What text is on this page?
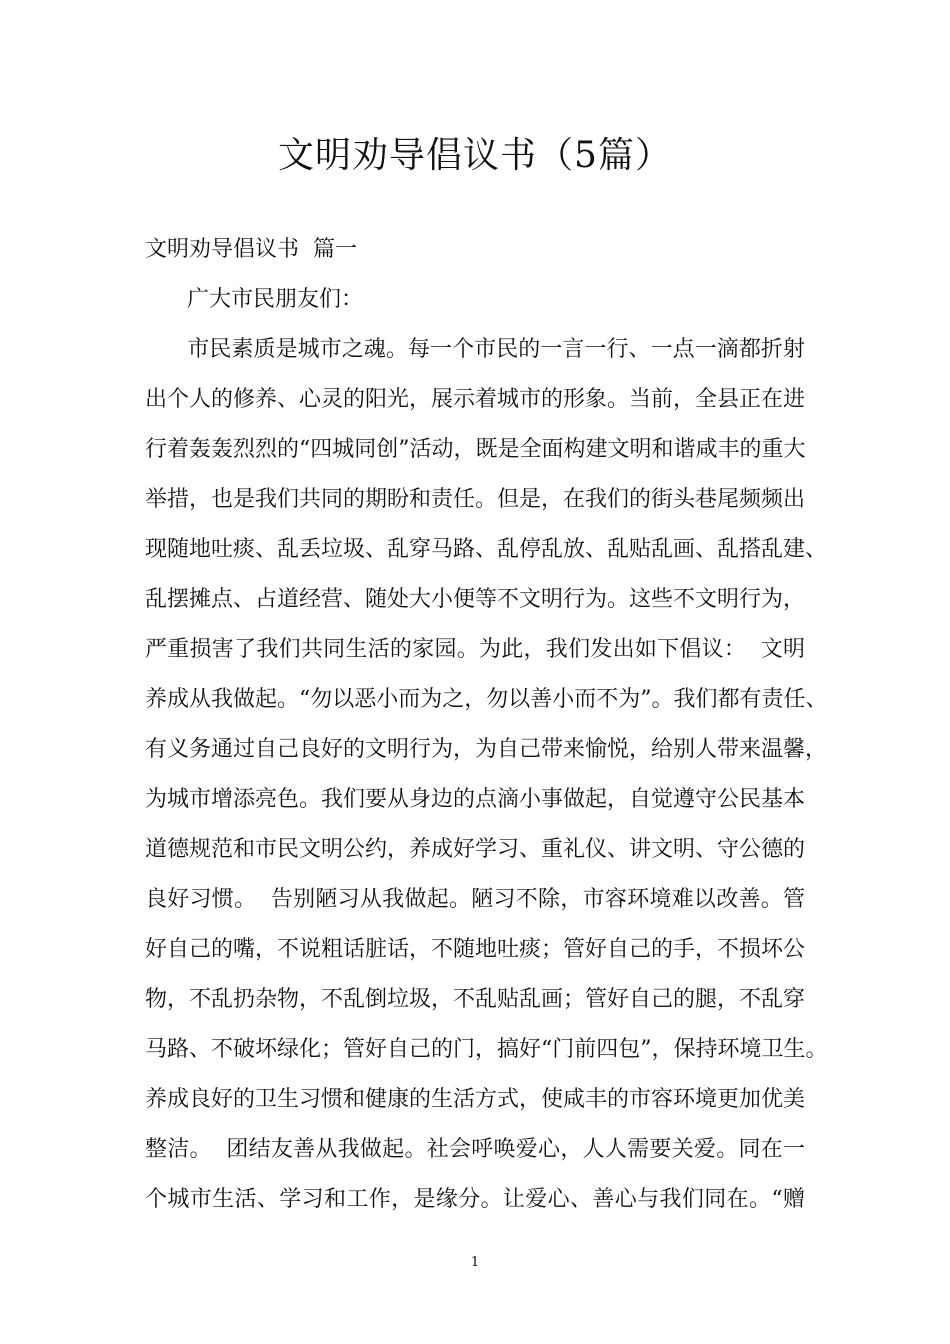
文明劝导倡议书（5篇）
文明劝导倡议书  篇一
广大市民朋友们：
市民素质是城市之魂。每一个市民的一言一行、一点一滴都折射
出个人的修养、心灵的阳光，展示着城市的形象。当前，全县正在进
行着轰轰烈烈的“四城同创”活动，既是全面构建文明和谐咸丰的重大
举措，也是我们共同的期盼和责任。但是，在我们的街头巷尾频频出
现随地吐痰、乱丢垃圾、乱穿马路、乱停乱放、乱贴乱画、乱搭乱建、
乱摆摊点、占道经营、随处大小便等不文明行为。这些不文明行为，
严重损害了我们共同生活的家园。为此，我们发出如下倡议：  文明
养成从我做起。“勿以恶小而为之，勿以善小而不为”。我们都有责任、
有义务通过自己良好的文明行为，为自己带来愉悦，给别人带来温馨，
为城市增添亮色。我们要从身边的点滴小事做起，自觉遵守公民基本
道德规范和市民文明公约，养成好学习、重礼仪、讲文明、守公德的
良好习惯。  告别陋习从我做起。陋习不除，市容环境难以改善。管
好自己的嘴，不说粗话脏话，不随地吐痰；管好自己的手，不损坏公
物，不乱扔杂物，不乱倒垃圾，不乱贴乱画；管好自己的腿，不乱穿
马路、不破坏绿化；管好自己的门，搞好“门前四包”，保持环境卫生。
养成良好的卫生习惯和健康的生活方式，使咸丰的市容环境更加优美
整洁。  团结友善从我做起。社会呼唤爱心，人人需要关爱。同在一
个城市生活、学习和工作，是缘分。让爱心、善心与我们同在。“赠
1
